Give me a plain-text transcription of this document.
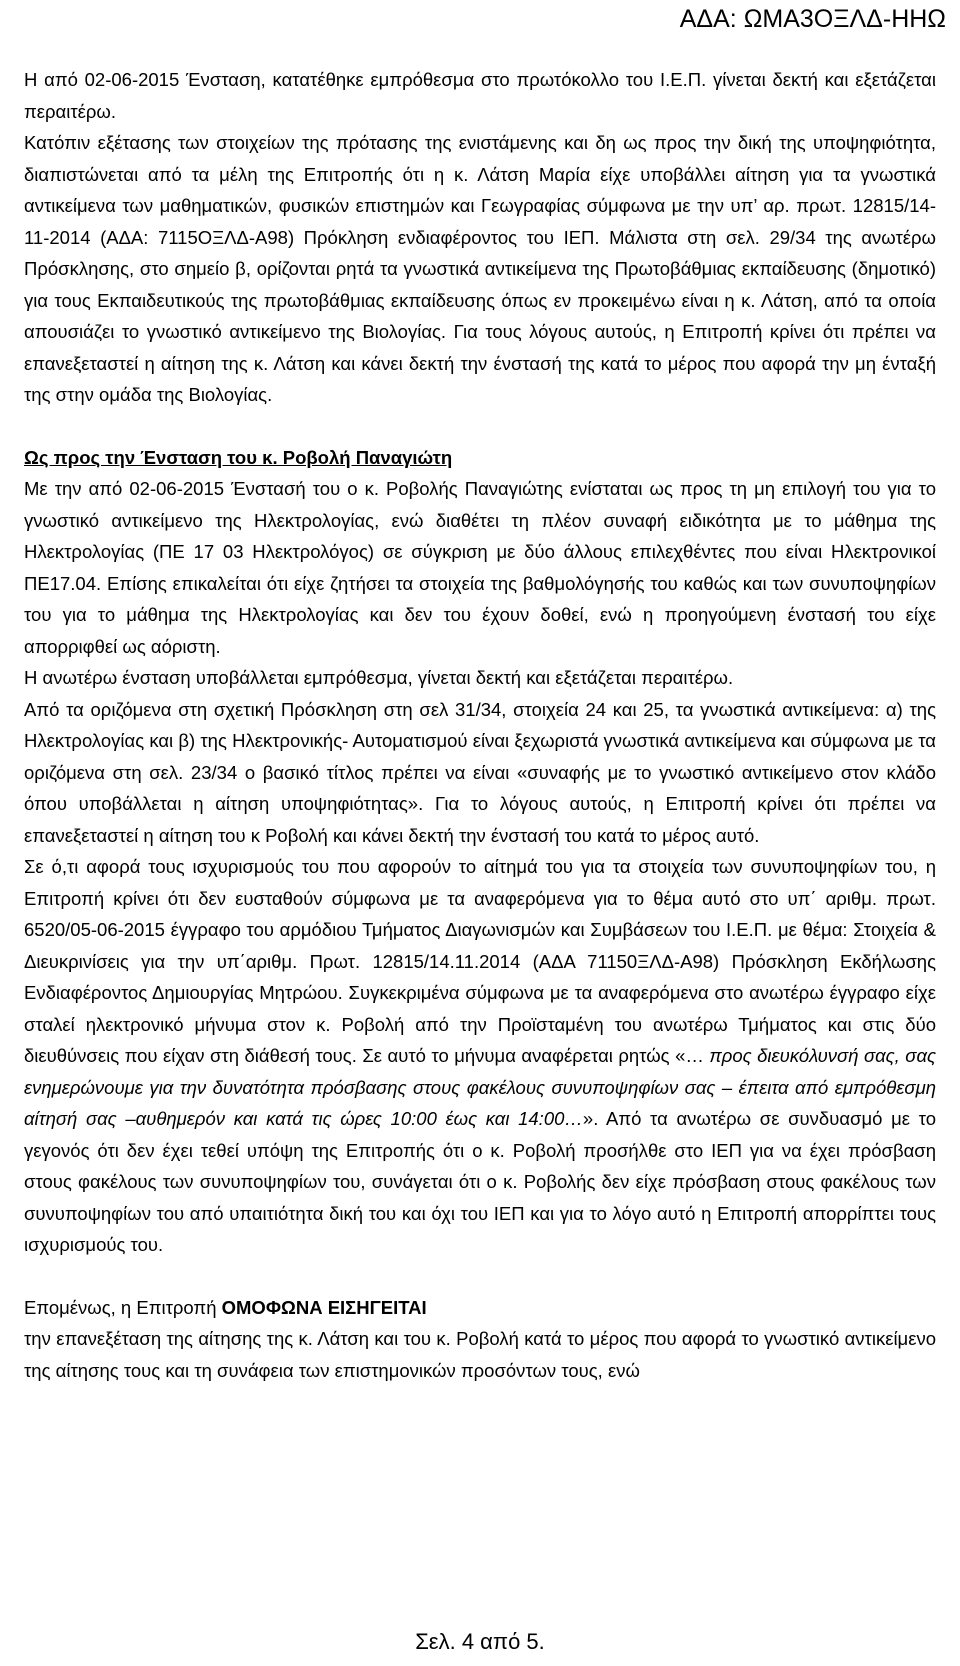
ΑΔΑ: ΩΜΑ3ΟΞΛΔ-ΗΗΩ

Η από 02-06-2015 Ένσταση, κατατέθηκε εμπρόθεσμα στο πρωτόκολλο του Ι.Ε.Π. γίνεται δεκτή και εξετάζεται περαιτέρω.

Κατόπιν εξέτασης των στοιχείων της πρότασης της ενιστάμενης και δη ως προς την δική της υποψηφιότητα, διαπιστώνεται από τα μέλη της Επιτροπής ότι η κ. Λάτση Μαρία είχε υποβάλλει αίτηση για τα γνωστικά αντικείμενα των μαθηματικών, φυσικών επιστημών και Γεωγραφίας σύμφωνα με την υπ’ αρ. πρωτ. 12815/14-11-2014 (ΑΔΑ: 7115ΟΞΛΔ-Α98) Πρόκληση ενδιαφέροντος του ΙΕΠ. Μάλιστα στη σελ. 29/34 της ανωτέρω Πρόσκλησης, στο σημείο β, ορίζονται ρητά τα γνωστικά αντικείμενα της Πρωτοβάθμιας εκπαίδευσης (δημοτικό) για τους Εκπαιδευτικούς της πρωτοβάθμιας εκπαίδευσης όπως εν προκειμένω είναι η κ. Λάτση, από τα οποία απουσιάζει το γνωστικό αντικείμενο της Βιολογίας. Για τους λόγους αυτούς, η Επιτροπή κρίνει ότι πρέπει να επανεξεταστεί η αίτηση της κ. Λάτση και κάνει δεκτή την ένστασή της κατά το μέρος που αφορά την μη ένταξή της στην ομάδα της Βιολογίας.

Ως προς την Ένσταση του κ. Ροβολή Παναγιώτη

Με την από 02-06-2015 Ένστασή του ο κ. Ροβολής Παναγιώτης ενίσταται ως προς τη μη επιλογή του για το γνωστικό αντικείμενο της Ηλεκτρολογίας, ενώ διαθέτει τη πλέον συναφή ειδικότητα με το μάθημα της Ηλεκτρολογίας (ΠΕ 17 03 Ηλεκτρολόγος) σε σύγκριση με δύο άλλους επιλεχθέντες που είναι Ηλεκτρονικοί ΠΕ17.04. Επίσης επικαλείται ότι είχε ζητήσει τα στοιχεία της βαθμολόγησής του καθώς και των συνυποψηφίων του για το μάθημα της Ηλεκτρολογίας και δεν του έχουν δοθεί, ενώ η προηγούμενη ένστασή του είχε απορριφθεί ως αόριστη.

Η ανωτέρω ένσταση υποβάλλεται εμπρόθεσμα, γίνεται δεκτή και εξετάζεται περαιτέρω.

Από τα οριζόμενα στη σχετική Πρόσκληση στη σελ 31/34, στοιχεία 24 και 25, τα γνωστικά αντικείμενα: α) της Ηλεκτρολογίας και β) της Ηλεκτρονικής- Αυτοματισμού είναι ξεχωριστά γνωστικά αντικείμενα και σύμφωνα με τα οριζόμενα στη σελ. 23/34 ο βασικό τίτλος πρέπει να είναι «συναφής με το γνωστικό αντικείμενο στον κλάδο όπου υποβάλλεται η αίτηση υποψηφιότητας». Για το λόγους αυτούς, η Επιτροπή κρίνει ότι πρέπει να επανεξεταστεί η αίτηση του κ Ροβολή και κάνει δεκτή την ένστασή του κατά το μέρος αυτό.

Σε ό,τι αφορά τους ισχυρισμούς του που αφορούν το αίτημά του για τα στοιχεία των συνυποψηφίων του, η Επιτροπή κρίνει ότι δεν ευσταθούν σύμφωνα με τα αναφερόμενα για το θέμα αυτό στο υπ΄ αριθμ. πρωτ. 6520/05-06-2015 έγγραφο του αρμόδιου Τμήματος Διαγωνισμών και Συμβάσεων του Ι.Ε.Π. με θέμα: Στοιχεία & Διευκρινίσεις για την υπ΄αριθμ. Πρωτ. 12815/14.11.2014 (ΑΔΑ 71150ΞΛΔ-Α98) Πρόσκληση Εκδήλωσης Ενδιαφέροντος Δημιουργίας Μητρώου. Συγκεκριμένα σύμφωνα με τα αναφερόμενα στο ανωτέρω έγγραφο είχε σταλεί ηλεκτρονικό μήνυμα στον κ. Ροβολή από την Προϊσταμένη του ανωτέρω Τμήματος και στις δύο διευθύνσεις που είχαν στη διάθεσή τους. Σε αυτό το μήνυμα αναφέρεται ρητώς «… προς διευκόλυνσή σας, σας ενημερώνουμε για την δυνατότητα πρόσβασης στους φακέλους συνυποψηφίων σας – έπειτα από εμπρόθεσμη αίτησή σας –αυθημερόν και κατά τις ώρες 10:00 έως και 14:00…». Από τα ανωτέρω σε συνδυασμό με το γεγονός ότι δεν έχει τεθεί υπόψη της Επιτροπής ότι ο κ. Ροβολή προσήλθε στο ΙΕΠ για να έχει πρόσβαση στους φακέλους των συνυποψηφίων του, συνάγεται ότι ο κ. Ροβολής δεν είχε πρόσβαση στους φακέλους των συνυποψηφίων του από υπαιτιότητα δική του και όχι του ΙΕΠ και για το λόγο αυτό η Επιτροπή απορρίπτει τους ισχυρισμούς του.

Επομένως, η Επιτροπή ΟΜΟΦΩΝΑ ΕΙΣΗΓΕΙΤΑΙ

την επανεξέταση της αίτησης της κ. Λάτση και του κ. Ροβολή κατά το μέρος που αφορά το γνωστικό αντικείμενο της αίτησης τους και τη συνάφεια των επιστημονικών προσόντων τους, ενώ

Σελ. 4 από 5.
